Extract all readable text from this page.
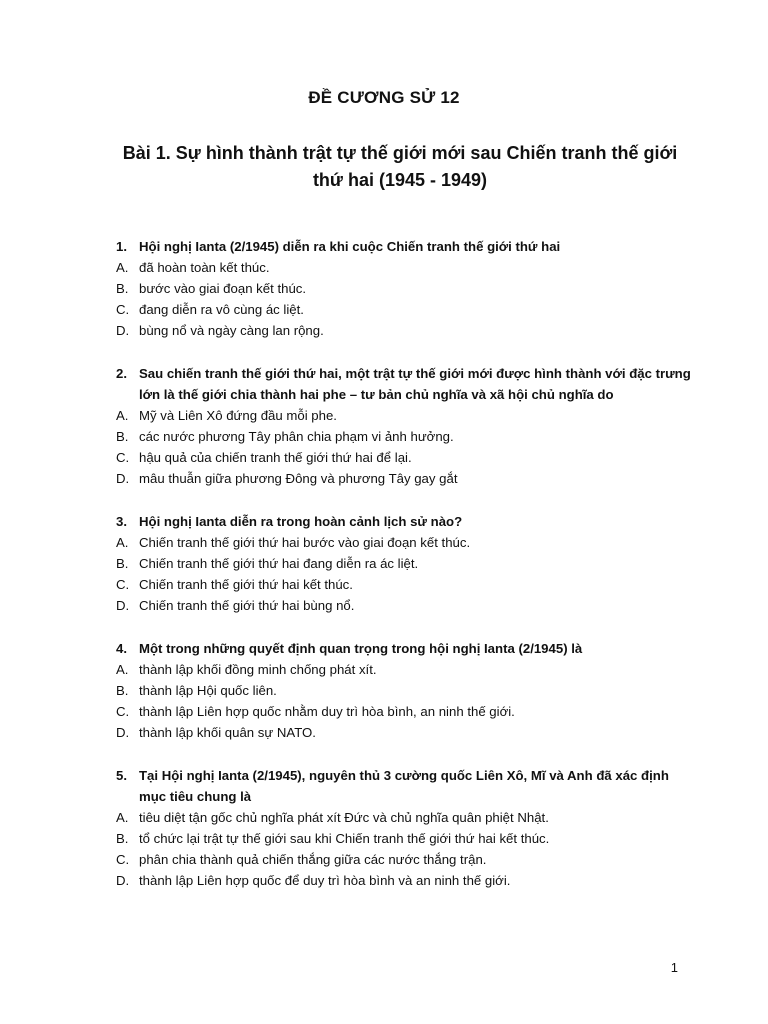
ĐỀ CƯƠNG SỬ 12
Bài 1. Sự hình thành trật tự thế giới mới sau Chiến tranh thế giới thứ hai (1945 - 1949)
1. Hội nghị Ianta (2/1945) diễn ra khi cuộc Chiến tranh thế giới thứ hai
A. đã hoàn toàn kết thúc.
B. bước vào giai đoạn kết thúc.
C. đang diễn ra vô cùng ác liệt.
D. bùng nổ và ngày càng lan rộng.
2. Sau chiến tranh thế giới thứ hai, một trật tự thế giới mới được hình thành với đặc trưng lớn là thế giới chia thành hai phe – tư bản chủ nghĩa và xã hội chủ nghĩa do
A. Mỹ và Liên Xô đứng đầu mỗi phe.
B. các nước phương Tây phân chia phạm vi ảnh hưởng.
C. hậu quả của chiến tranh thế giới thứ hai để lại.
D. mâu thuẫn giữa phương Đông và phương Tây gay gắt
3. Hội nghị Ianta diễn ra trong hoàn cảnh lịch sử nào?
A. Chiến tranh thế giới thứ hai bước vào giai đoạn kết thúc.
B. Chiến tranh thế giới thứ hai đang diễn ra ác liệt.
C. Chiến tranh thế giới thứ hai kết thúc.
D. Chiến tranh thế giới thứ hai bùng nổ.
4. Một trong những quyết định quan trọng trong hội nghị Ianta (2/1945) là
A. thành lập khối đồng minh chống phát xít.
B. thành lập Hội quốc liên.
C. thành lập Liên hợp quốc nhằm duy trì hòa bình, an ninh thế giới.
D. thành lập khối quân sự NATO.
5. Tại Hội nghị Ianta (2/1945), nguyên thủ 3 cường quốc Liên Xô, Mĩ và Anh đã xác định mục tiêu chung là
A. tiêu diệt tận gốc chủ nghĩa phát xít Đức và chủ nghĩa quân phiệt Nhật.
B. tổ chức lại trật tự thế giới sau khi Chiến tranh thế giới thứ hai kết thúc.
C. phân chia thành quả chiến thắng giữa các nước thắng trận.
D. thành lập Liên hợp quốc để duy trì hòa bình và an ninh thế giới.
1
